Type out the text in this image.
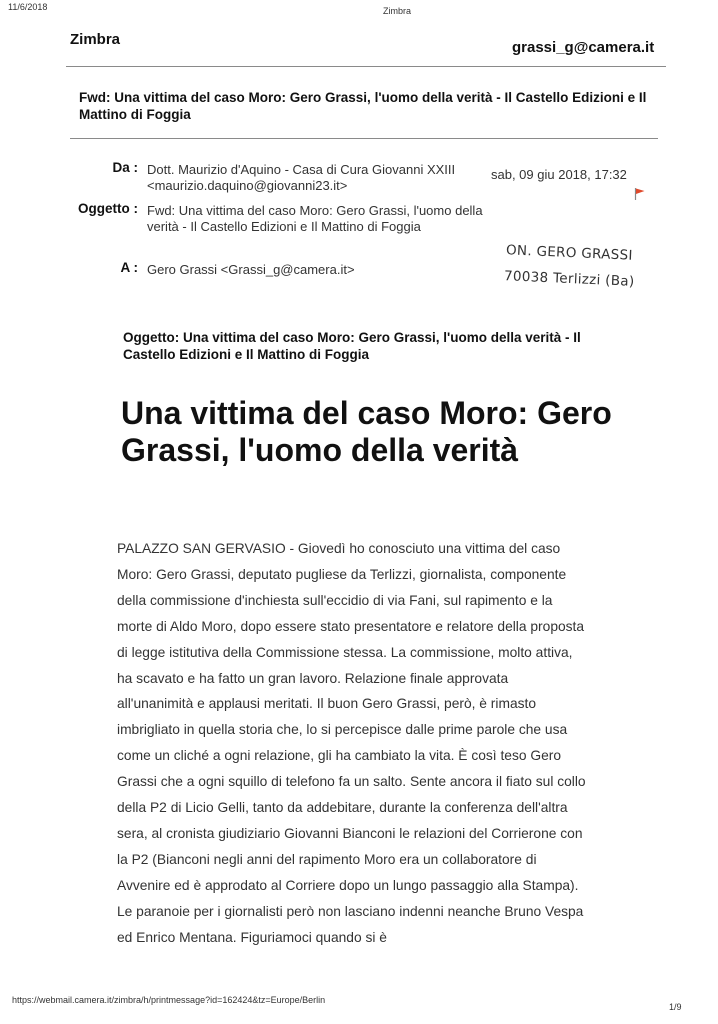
11/6/2018	Zimbra
Zimbra	grassi_g@camera.it
Fwd: Una vittima del caso Moro: Gero Grassi, l'uomo della verità - Il Castello Edizioni e Il Mattino di Foggia
Da : Dott. Maurizio d'Aquino - Casa di Cura Giovanni XXIII <maurizio.daquino@giovanni23.it>
Oggetto : Fwd: Una vittima del caso Moro: Gero Grassi, l'uomo della verità - Il Castello Edizioni e Il Mattino di Foggia
A : Gero Grassi <Grassi_g@camera.it>
sab, 09 giu 2018, 17:32
ON. GERO GRASSI
70038 Terlizzi (Ba)
Oggetto: Una vittima del caso Moro: Gero Grassi, l'uomo della verità - Il Castello Edizioni e Il Mattino di Foggia
Una vittima del caso Moro: Gero Grassi, l'uomo della verità

PALAZZO SAN GERVASIO - Giovedì ho conosciuto una vittima del caso Moro: Gero Grassi, deputato pugliese da Terlizzi, giornalista, componente della commissione d'inchiesta sull'eccidio di via Fani, sul rapimento e la morte di Aldo Moro, dopo essere stato presentatore e relatore della proposta di legge istitutiva della Commissione stessa. La commissione, molto attiva, ha scavato e ha fatto un gran lavoro. Relazione finale approvata all'unanimità e applausi meritati. Il buon Gero Grassi, però, è rimasto imbrigliato in quella storia che, lo si percepisce dalle prime parole che usa come un cliché a ogni relazione, gli ha cambiato la vita. È così teso Gero Grassi che a ogni squillo di telefono fa un salto. Sente ancora il fiato sul collo della P2 di Licio Gelli, tanto da addebitare, durante la conferenza dell'altra sera, al cronista giudiziario Giovanni Bianconi le relazioni del Corrierone con la P2 (Bianconi negli anni del rapimento Moro era un collaboratore di Avvenire ed è approdato al Corriere dopo un lungo passaggio alla Stampa). Le paranoie per i giornalisti però non lasciano indenni neanche Bruno Vespa ed Enrico Mentana. Figuriamoci quando si è

https://webmail.camera.it/zimbra/h/printmessage?id=162424&tz=Europe/Berlin
1/9
